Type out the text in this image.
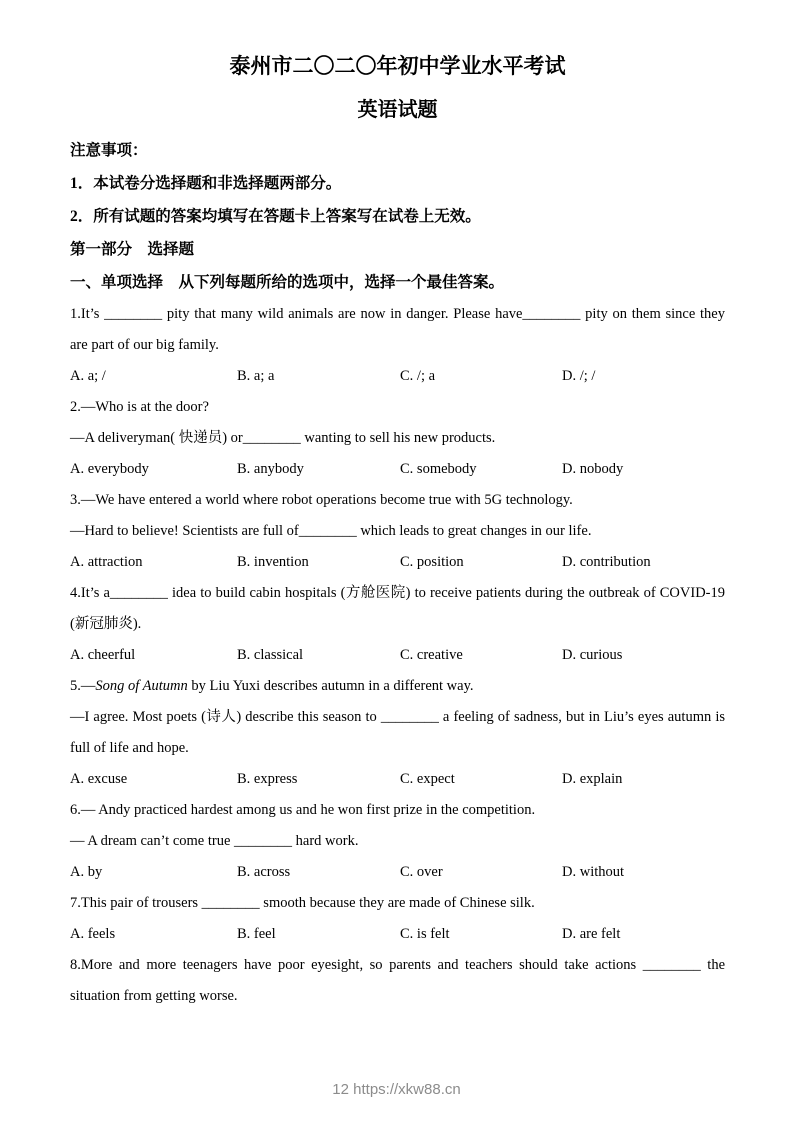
泰州市二〇二〇年初中学业水平考试
英语试题

注意事项：

1．本试卷分选择题和非选择题两部分。

2．所有试题的答案均填写在答题卡上答案写在试卷上无效。

第一部分　选择题

一、单项选择　从下列每题所给的选项中，选择一个最佳答案。

1.It’s ________ pity that many wild animals are now in danger. Please have________ pity on them since they are part of our big family.

A. a; /	B. a; a	C. /; a	D. /; /

2.—Who is at the door?

—A deliveryman( 快递员) or________ wanting to sell his new products.

A. everybody	B. anybody	C. somebody	D. nobody

3.—We have entered a world where robot operations become true with 5G technology.

—Hard to believe! Scientists are full of________ which leads to great changes in our life.

A. attraction	B. invention	C. position	D. contribution

4.It’s a________ idea to build cabin hospitals (方舱医院) to receive patients during the outbreak of COVID-19 (新冠肺炎).

A. cheerful	B. classical	C. creative	D. curious

5.—Song of Autumn by Liu Yuxi describes autumn in a different way.

—I agree. Most poets (诗人) describe this season to ________ a feeling of sadness, but in Liu’s eyes autumn is full of life and hope.

A. excuse	B. express	C. expect	D. explain

6.— Andy practiced hardest among us and he won first prize in the competition.

— A dream can’t come true ________ hard work.

A. by	B. across	C. over	D. without

7.This pair of trousers ________ smooth because they are made of Chinese silk.

A. feels	B. feel	C. is felt	D. are felt

8.More and more teenagers have poor eyesight, so parents and teachers should take actions ________ the situation from getting worse.

12 https://xkw88.cn
